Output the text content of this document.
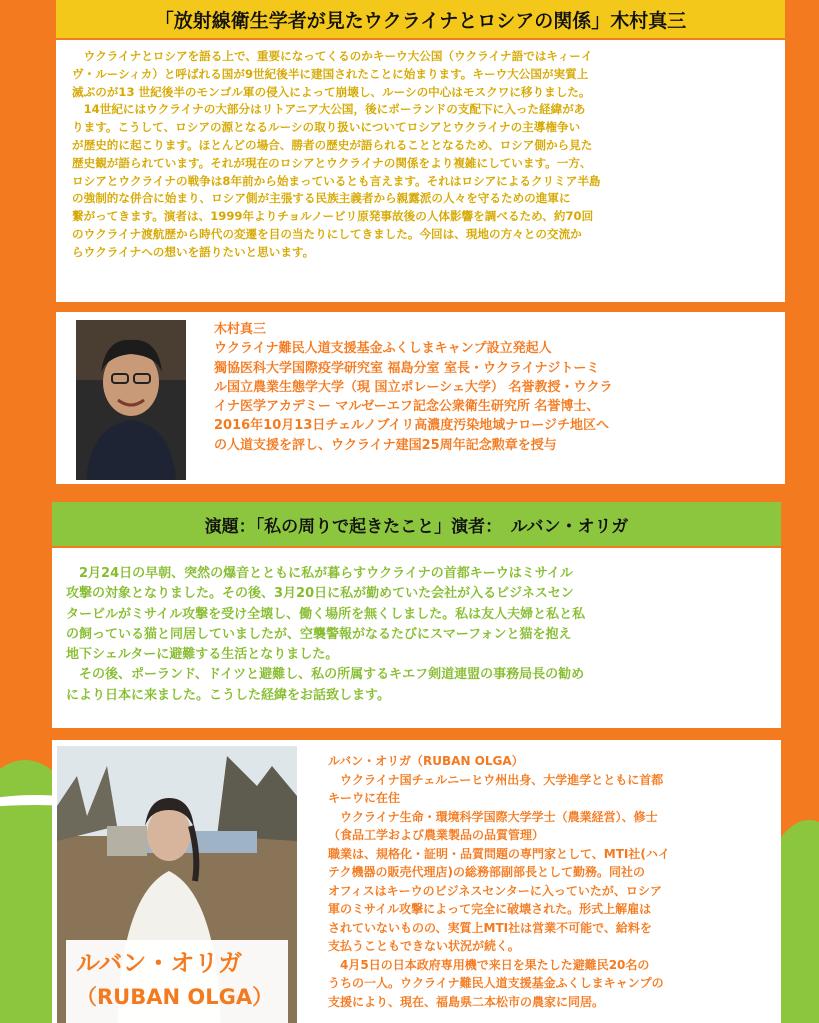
「放射線衛生学者が見たウクライナとロシアの関係」木村真三

　ウクライナとロシアを語る上で、重要になってくるのかキーウ大公国（ウクライナ語ではキィーイ

ヴ・ルーシィカ）と呼ばれる国が9世紀後半に建国されたことに始まります。キーウ大公国が実質上

滅ぶのが13 世紀後半のモンゴル軍の侵入によって崩壊し、ルーシの中心はモスクワに移りました。

　14世紀にはウクライナの大部分はリトアニア大公国，後にポーランドの支配下に入った経緯があ

ります。こうして、ロシアの源となるルーシの取り扱いについてロシアとウクライナの主導権争い

が歴史的に起こります。ほとんどの場合、勝者の歴史が語られることとなるため、ロシア側から見た

歴史観が語られています。それが現在のロシアとウクライナの関係をより複雑にしています。一方、

ロシアとウクライナの戦争は8年前から始まっているとも言えます。それはロシアによるクリミア半島

の強制的な併合に始まり、ロシア側が主張する民族主義者から親露派の人々を守るための進軍に

繋がってきます。演者は、1999年よりチョルノービリ原発事故後の人体影響を調べるため、約70回

のウクライナ渡航歴から時代の変遷を目の当たりにしてきました。今回は、現地の方々との交流か

らウクライナへの想いを語りたいと思います。

木村真三

ウクライナ難民人道支援基金ふくしまキャンプ設立発起人

獨協医科大学国際疫学研究室 福島分室 室長・ウクライナジトーミ

ル国立農業生態学大学（現 国立ポレーシェ大学） 名誉教授・ウクラ

イナ医学アカデミー マルゼーエフ記念公衆衛生研究所 名誉博士、

2016年10月13日チェルノブイリ高濃度汚染地域ナロージチ地区へ

の人道支援を評し、ウクライナ建国25周年記念勲章を授与

演題：「私の周りで起きたこと」演者：　ルバン・オリガ

　2月24日の早朝、突然の爆音とともに私が暮らすウクライナの首都キーウはミサイル

攻撃の対象となりました。その後、3月20日に私が勤めていた会社が入るビジネスセン

タービルがミサイル攻撃を受け全壊し、働く場所を無くしました。私は友人夫婦と私と私

の飼っている猫と同居していましたが、空襲警報がなるたびにスマーフォンと猫を抱え

地下シェルターに避難する生活となりました。

　その後、ポーランド、ドイツと避難し、私の所属するキエフ剣道連盟の事務局長の勧め

により日本に来ました。こうした経緯をお話致します。

ルバン・オリガ
（RUBAN OLGA）

ルバン・オリガ（RUBAN OLGA）

　ウクライナ国チェルニーヒウ州出身、大学進学とともに首都

キーウに在住

　ウクライナ生命・環境科学国際大学学士（農業経営）、修士

（食品工学および農業製品の品質管理）

職業は、規格化・証明・品質問題の専門家として、MTI社(ハイ

テク機器の販売代理店)の総務部副部長として勤務。同社の

オフィスはキーウのビジネスセンターに入っていたが、ロシア

軍のミサイル攻撃によって完全に破壊された。形式上解雇は

されていないものの、実質上MTI社は営業不可能で、給料を

支払うこともできない状況が続く。

　4月5日の日本政府専用機で来日を果たした避難民20名の

うちの一人。ウクライナ難民人道支援基金ふくしまキャンプの

支援により、現在、福島県二本松市の農家に同居。
